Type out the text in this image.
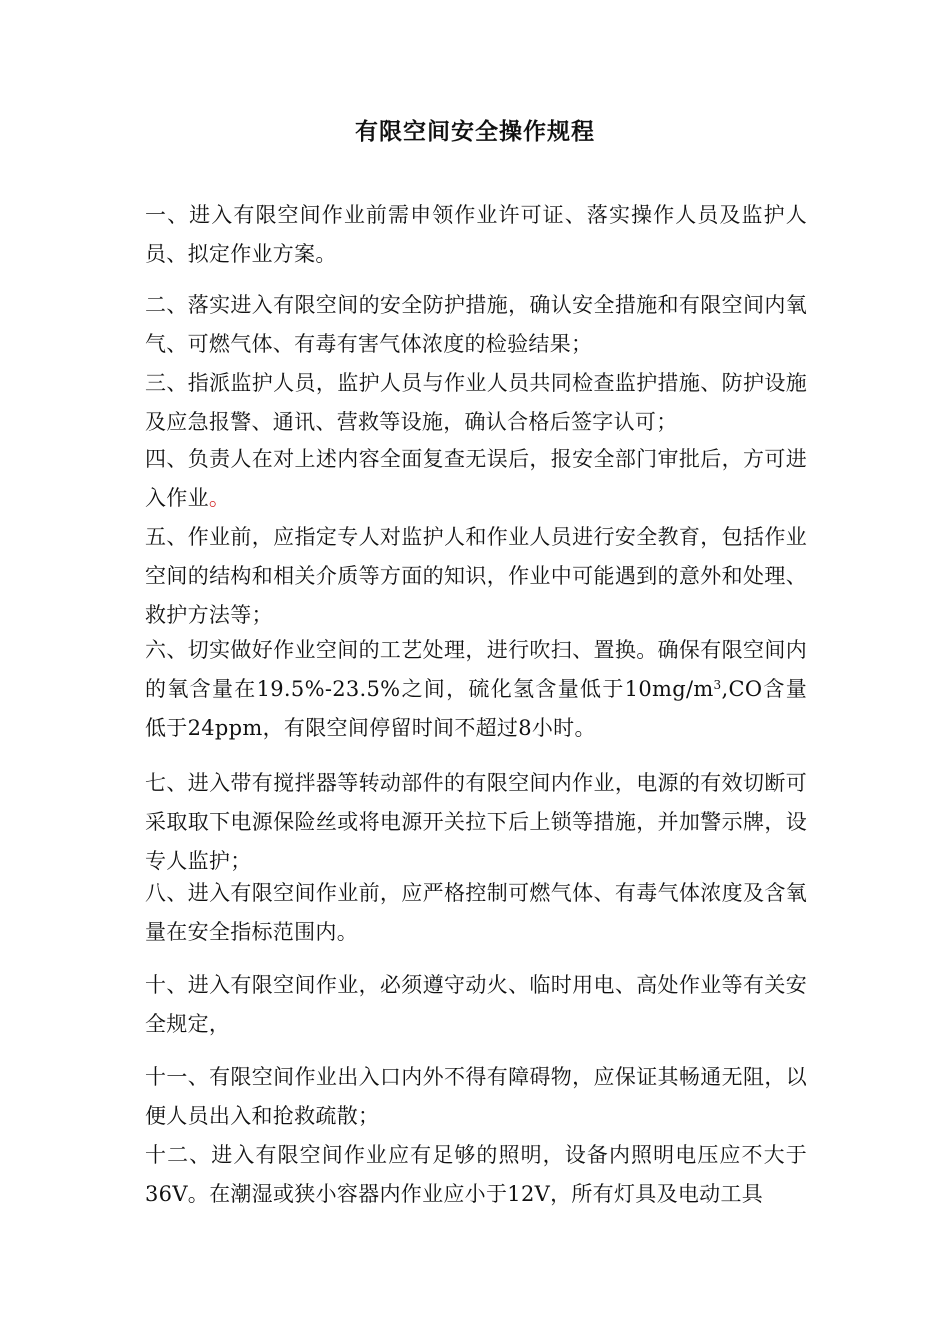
有限空间安全操作规程

一、进入有限空间作业前需申领作业许可证、落实操作人员及监护人员、拟定作业方案。

二、落实进入有限空间的安全防护措施，确认安全措施和有限空间内氧气、可燃气体、有毒有害气体浓度的检验结果；

三、指派监护人员，监护人员与作业人员共同检查监护措施、防护设施及应急报警、通讯、营救等设施，确认合格后签字认可；

四、负责人在对上述内容全面复查无误后，报安全部门审批后，方可进入作业。

五、作业前，应指定专人对监护人和作业人员进行安全教育，包括作业空间的结构和相关介质等方面的知识，作业中可能遇到的意外和处理、救护方法等；

六、切实做好作业空间的工艺处理，进行吹扫、置换。确保有限空间内的氧含量在19.5%-23.5%之间，硫化氢含量低于$10mg/m^3,CO$含量低于24ppm，有限空间停留时间不超过8小时。

七、进入带有搅拌器等转动部件的有限空间内作业，电源的有效切断可采取取下电源保险丝或将电源开关拉下后上锁等措施，并加警示牌，设专人监护；

八、进入有限空间作业前，应严格控制可燃气体、有毒气体浓度及含氧量在安全指标范围内。

十、进入有限空间作业，必须遵守动火、临时用电、高处作业等有关安全规定，

十一、有限空间作业出入口内外不得有障碍物，应保证其畅通无阻，以便人员出入和抢救疏散；

十二、进入有限空间作业应有足够的照明，设备内照明电压应不大于36V。在潮湿或狭小容器内作业应小于12V，所有灯具及电动工具
